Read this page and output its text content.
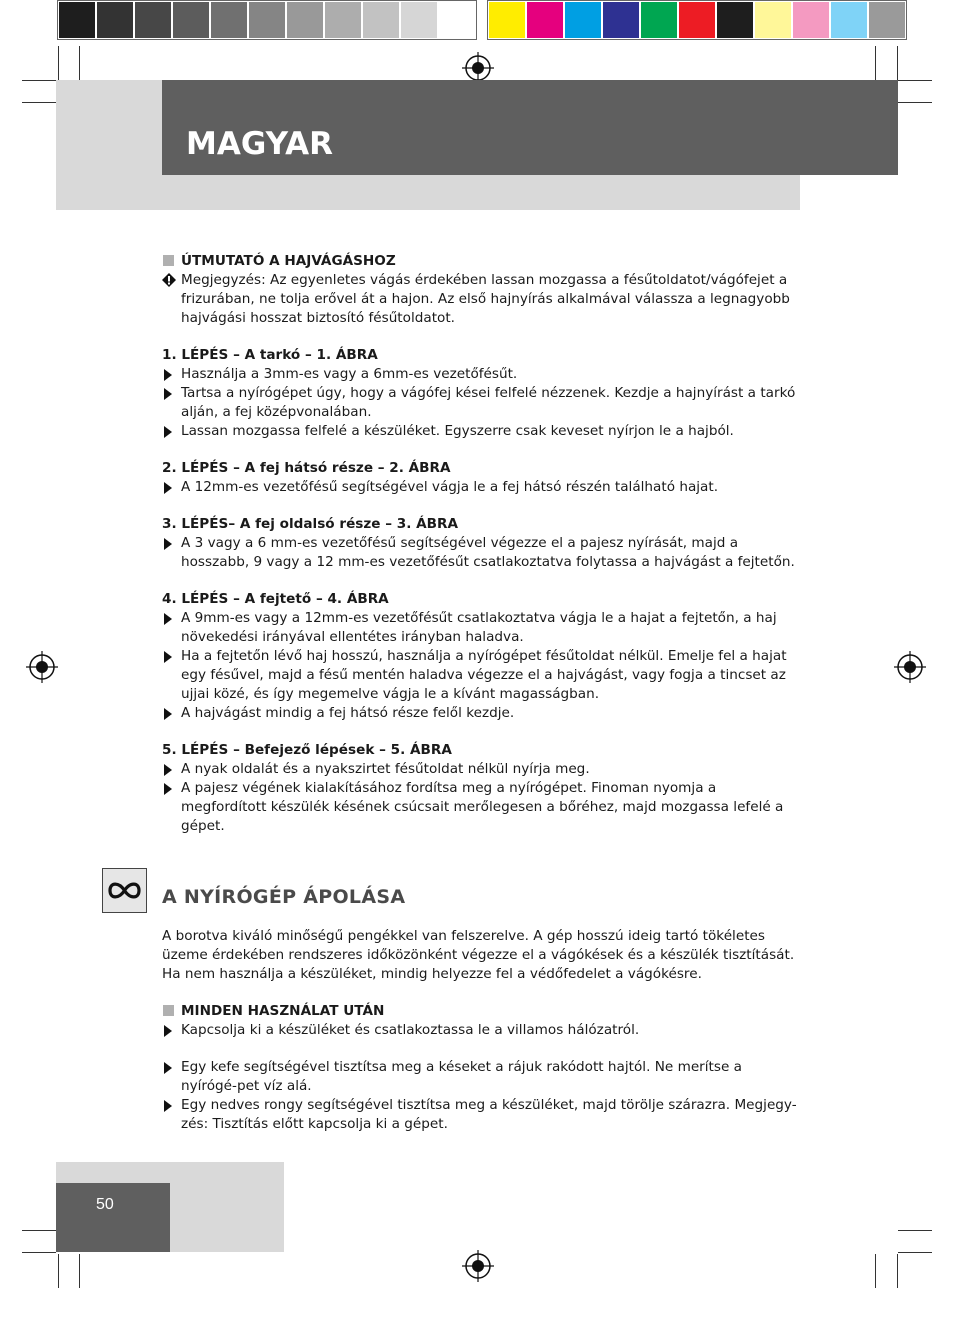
MAGYAR

ÚTMUTATÓ A HAJVÁGÁSHOZ

Megjegyzés: Az egyenletes vágás érdekében lassan mozgassa a fésűtoldatot/vágófejet a frizurában, ne tolja erővel át a hajon. Az első hajnyírás alkalmával válassza a legnagyobb hajvágási hosszat biztosító fésűtoldatot.

1. LÉPÉS – A tarkó – 1. ÁBRA

Használja a 3mm-es vagy a 6mm-es vezetőfésűt.

Tartsa a nyírógépet úgy, hogy a vágófej kései felfelé nézzenek. Kezdje a hajnyírást a tarkó alján, a fej középvonalában.

Lassan mozgassa felfelé a készüléket. Egyszerre csak keveset nyírjon le a hajból.

2. LÉPÉS – A fej hátsó része – 2. ÁBRA

A 12mm-es vezetőfésű segítségével vágja le a fej hátsó részén található hajat.

3. LÉPÉS– A fej oldalsó része – 3. ÁBRA

A 3 vagy a 6 mm-es vezetőfésű segítségével végezze el a pajesz nyírását, majd a hosszabb, 9 vagy a 12 mm-es vezetőfésűt csatlakoztatva folytassa a hajvágást a fejtetőn.

4. LÉPÉS – A fejtető – 4. ÁBRA

A 9mm-es vagy a 12mm-es vezetőfésűt csatlakoztatva vágja le a hajat a fejtetőn, a haj növekedési irányával ellentétes irányban haladva.

Ha a fejtetőn lévő haj hosszú, használja a nyírógépet fésűtoldat nélkül. Emelje fel a hajat egy fésűvel, majd a fésű mentén haladva végezze el a hajvágást, vagy fogja a tincset az ujjai közé, és így megemelve vágja le a kívánt magasságban.

A hajvágást mindig a fej hátsó része felől kezdje.

5. LÉPÉS – Befejező lépések – 5. ÁBRA

A nyak oldalát és a nyakszirtet fésűtoldat nélkül nyírja meg.

A pajesz végének kialakításához fordítsa meg a nyírógépet. Finoman nyomja a megfordított készülék késének csúcsait merőlegesen a bőréhez, majd mozgassa lefelé a gépet.

A NYÍRÓGÉP ÁPOLÁSA

A borotva kiváló minőségű pengékkel van felszerelve. A gép hosszú ideig tartó tökéletes üzeme érdekében rendszeres időközönként végezze el a vágókések és a készülék tisztítását. Ha nem használja a készüléket, mindig helyezze fel a védőfedelet a vágókésre.

MINDEN HASZNÁLAT UTÁN

Kapcsolja ki a készüléket és csatlakoztassa le a villamos hálózatról.

Egy kefe segítségével tisztítsa meg a késeket a rájuk rakódott hajtól. Ne merítse a nyírógé-pet víz alá.

Egy nedves rongy segítségével tisztítsa meg a készüléket, majd törölje szárazra. Megjegy-zés: Tisztítás előtt kapcsolja ki a gépet.

50
